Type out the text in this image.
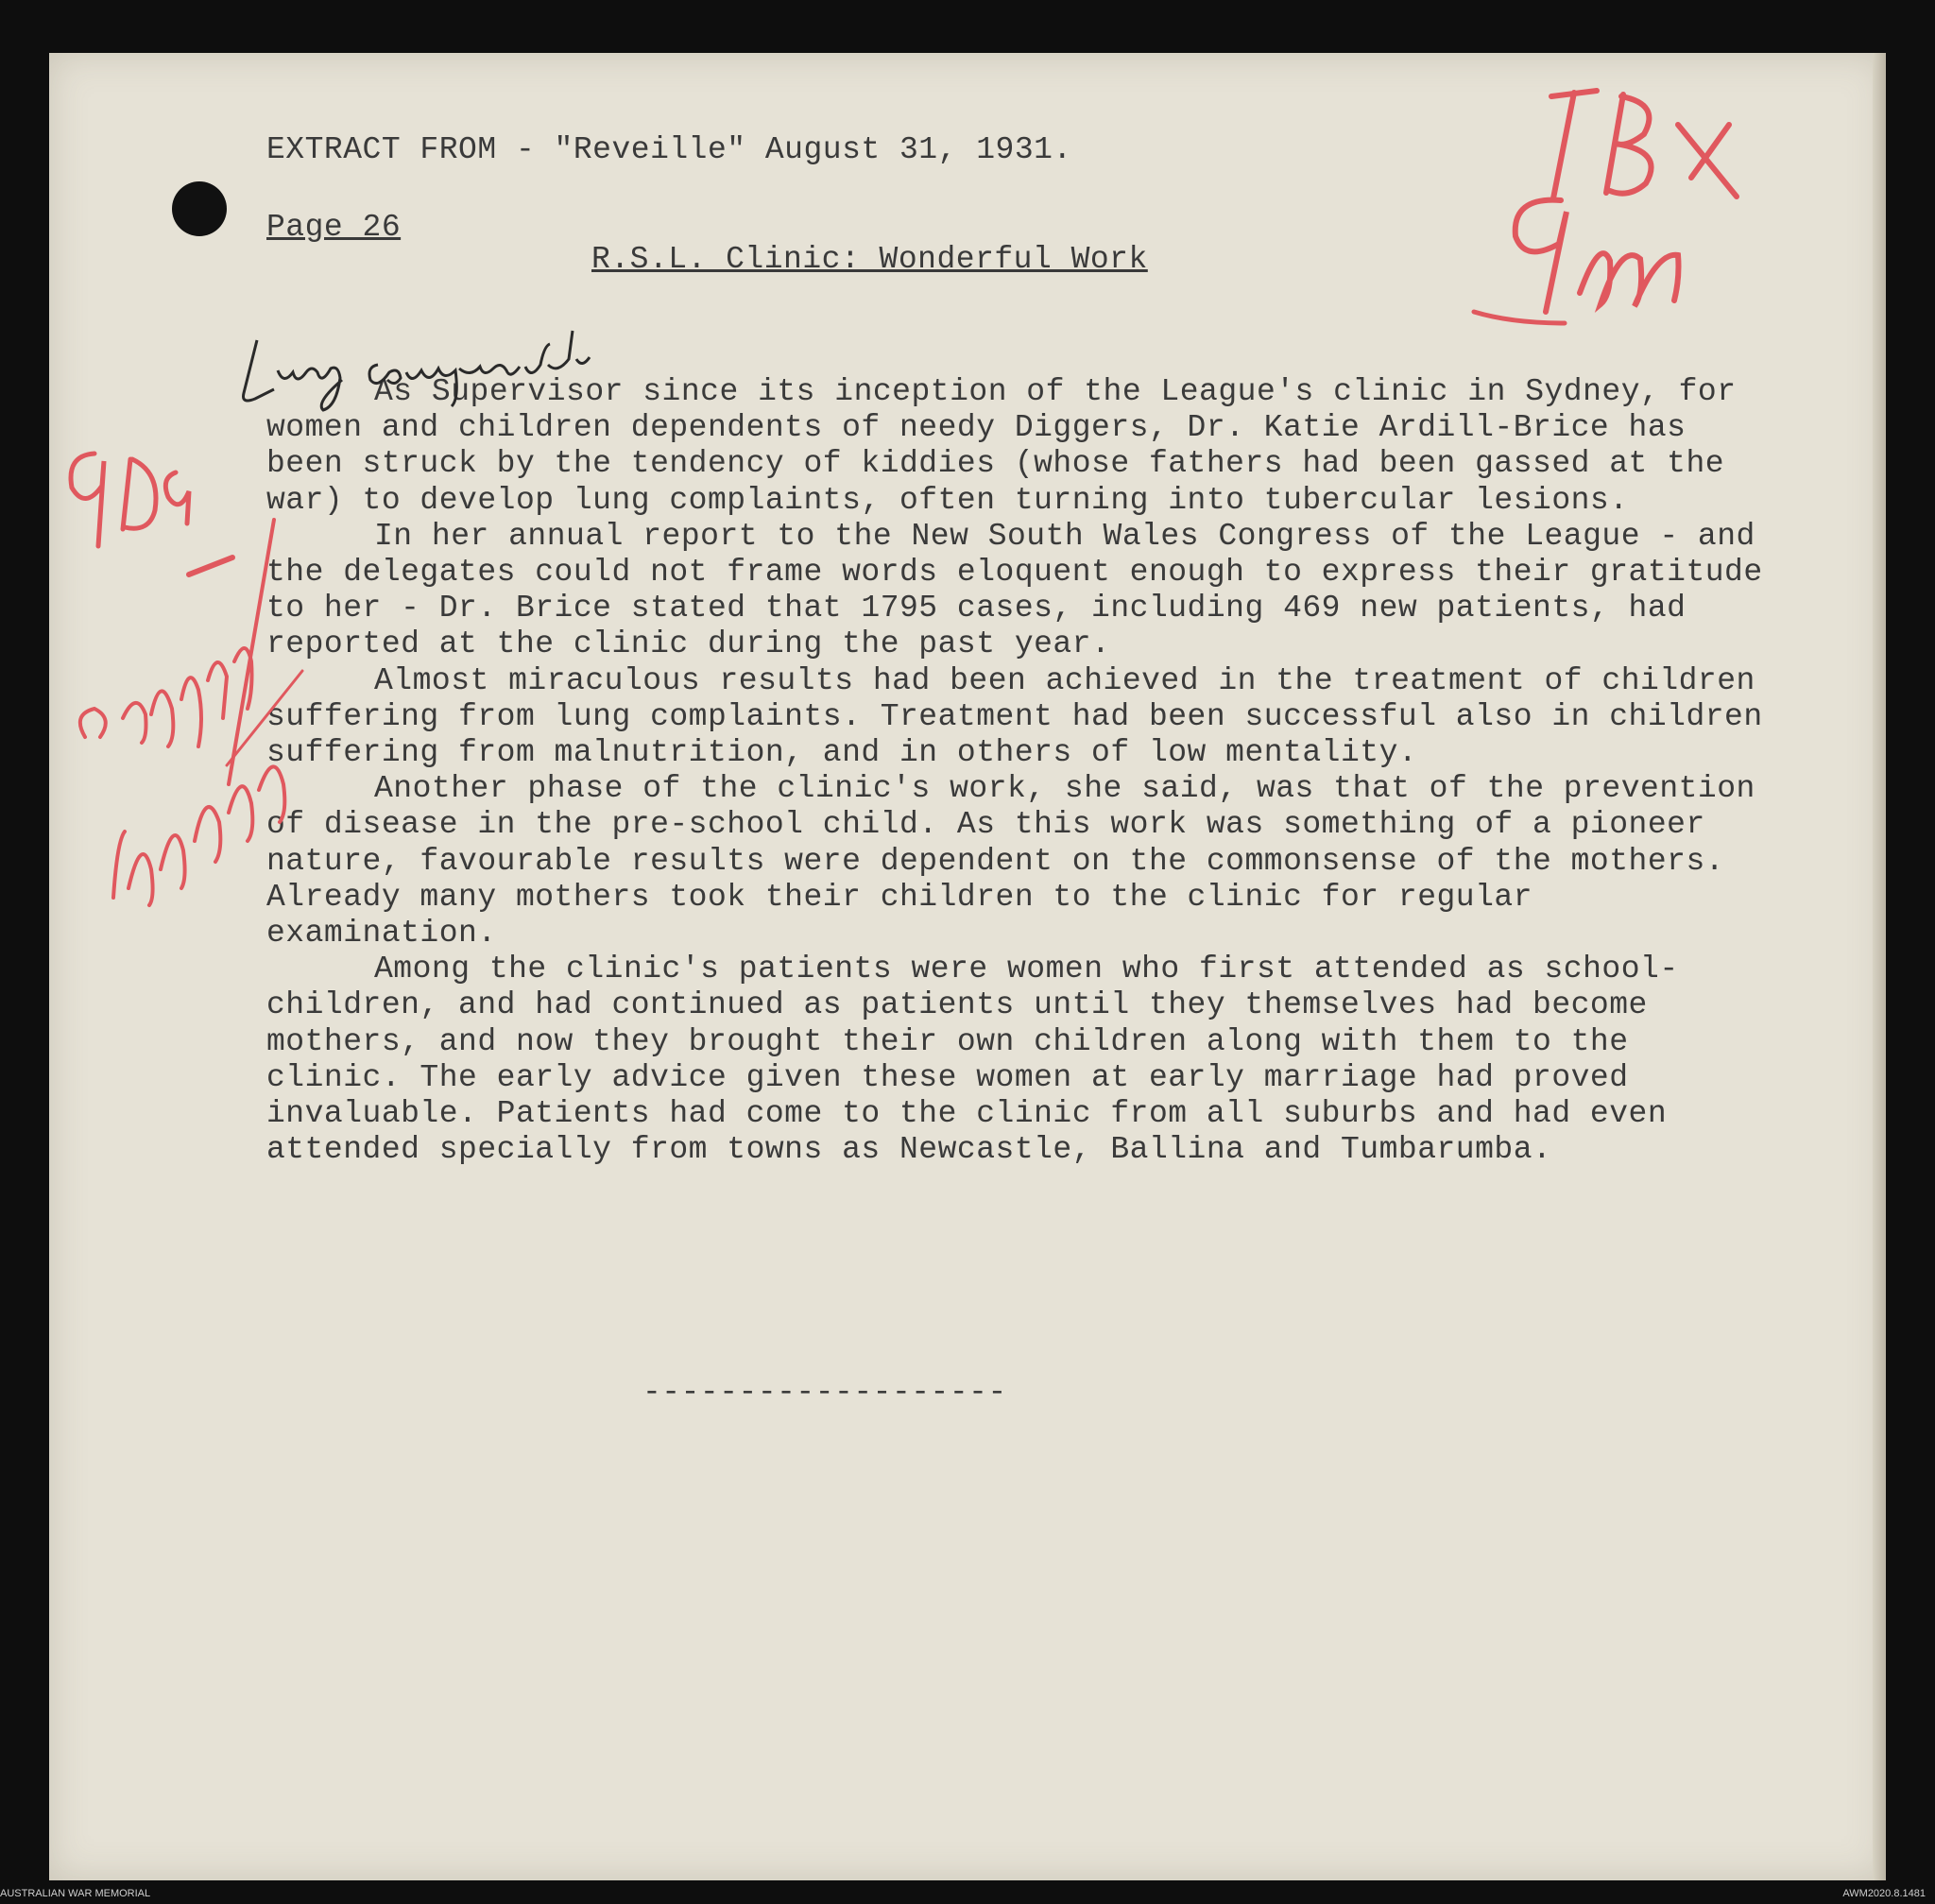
EXTRACT FROM - "Reveille" August 31, 1931.
Page 26
R.S.L. Clinic: Wonderful Work

As Supervisor since its inception of the League's clinic in Sydney, for women and children dependents of needy Diggers, Dr. Katie Ardill-Brice has been struck by the tendency of kiddies (whose fathers had been gassed at the war) to develop lung complaints, often turning into tubercular lesions.

In her annual report to the New South Wales Congress of the League - and the delegates could not frame words eloquent enough to express their gratitude to her - Dr. Brice stated that 1795 cases, including 469 new patients, had reported at the clinic during the past year.

Almost miraculous results had been achieved in the treatment of children suffering from lung complaints. Treatment had been successful also in children suffering from malnutrition, and in others of low mentality.

Another phase of the clinic's work, she said, was that of the prevention of disease in the pre-school child. As this work was something of a pioneer nature, favourable results were dependent on the commonsense of the mothers. Already many mothers took their children to the clinic for regular examination.

Among the clinic's patients were women who first attended as school-children, and had continued as patients until they themselves had become mothers, and now they brought their own children along with them to the clinic. The early advice given these women at early marriage had proved invaluable. Patients had come to the clinic from all suburbs and had even attended specially from towns as Newcastle, Ballina and Tumbarumba.

-------------------
AUSTRALIAN WAR MEMORIAL	AWM2020.8.1481
